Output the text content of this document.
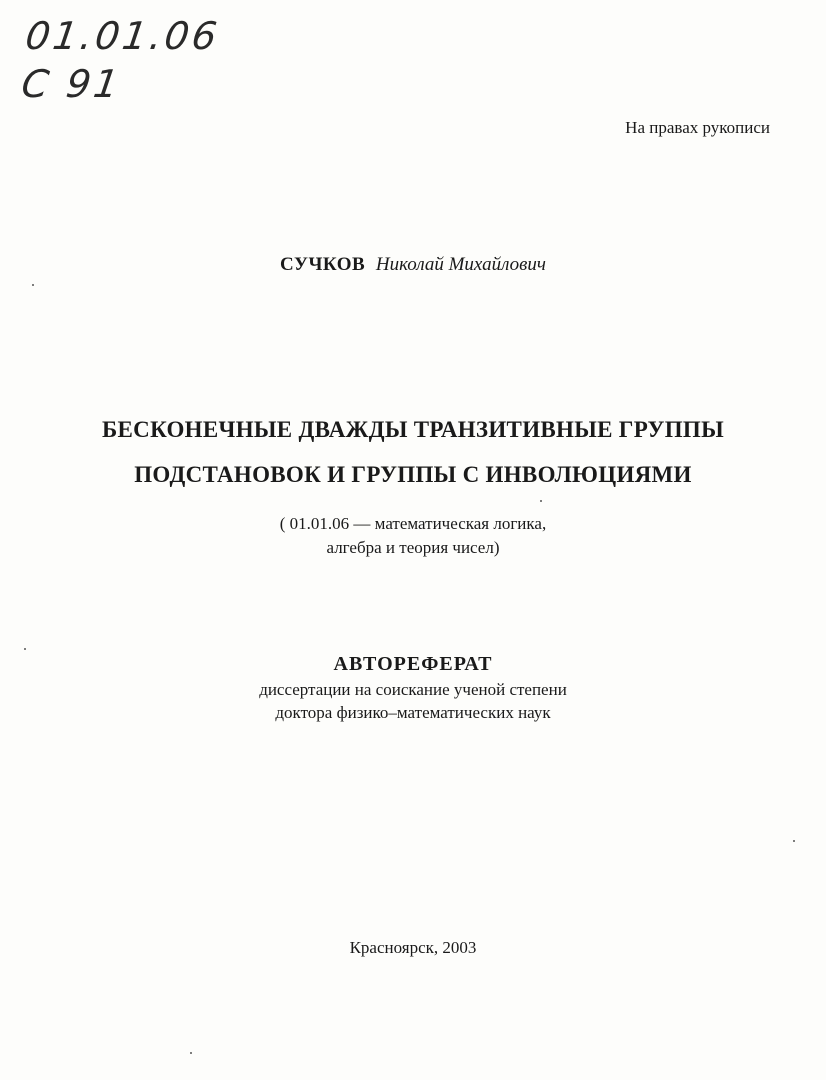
01.01.06
C 91
На правах рукописи
СУЧКОВ Николай Михайлович
БЕСКОНЕЧНЫЕ ДВАЖДЫ ТРАНЗИТИВНЫЕ ГРУППЫ
ПОДСТАНОВОК И ГРУППЫ С ИНВОЛЮЦИЯМИ
( 01.01.06 — математическая логика,
алгебра и теория чисел)
АВТОРЕФЕРАТ
диссертации на соискание ученой степени
доктора физико–математических наук
Красноярск, 2003
